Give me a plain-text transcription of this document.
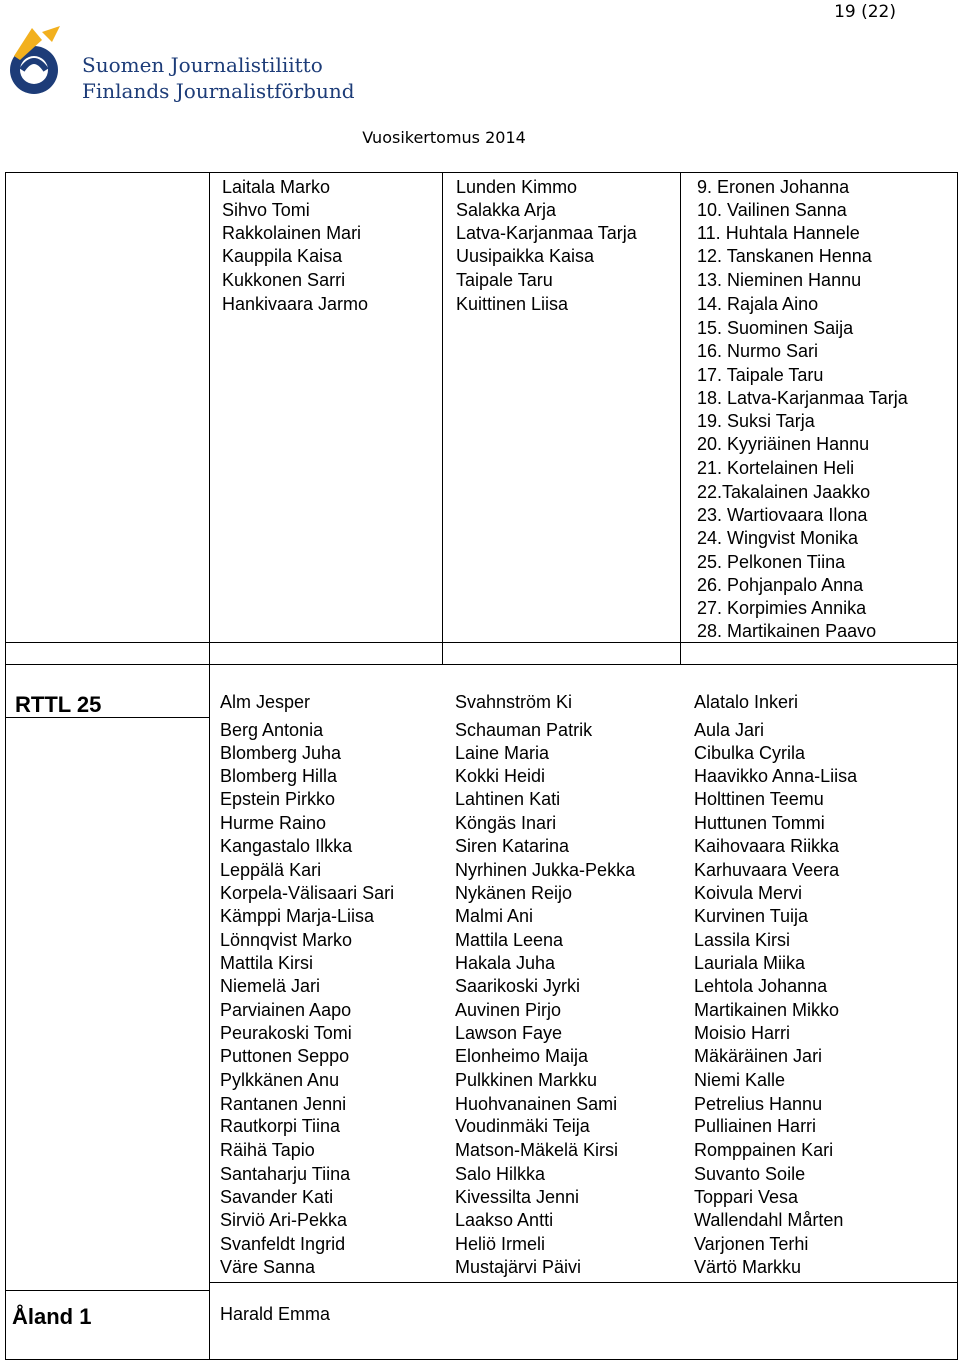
19 (22)
Suomen Journalistiliitto
Finlands Journalistförbund
Vuosikertomus 2014
Laitala Marko
Sihvo Tomi
Rakkolainen Mari
Kauppila Kaisa
Kukkonen Sarri
Hankivaara Jarmo
Lunden Kimmo
Salakka Arja
Latva-Karjanmaa Tarja
Uusipaikka Kaisa
Taipale Taru
Kuittinen Liisa
9. Eronen Johanna
10. Vailinen Sanna
11. Huhtala Hannele
12. Tanskanen Henna
13. Nieminen Hannu
14. Rajala Aino
15. Suominen Saija
16. Nurmo Sari
17. Taipale Taru
18. Latva-Karjanmaa Tarja
19. Suksi Tarja
20. Kyyriäinen Hannu
21. Kortelainen Heli
22.Takalainen Jaakko
23. Wartiovaara Ilona
24. Wingvist Monika
25. Pelkonen Tiina
26. Pohjanpalo Anna
27. Korpimies Annika
28. Martikainen Paavo
RTTL 25	Alm Jesper
Berg Antonia
Blomberg Juha
Blomberg Hilla
Epstein Pirkko
Hurme Raino
Kangastalo Ilkka
Leppälä Kari
Korpela-Välisaari Sari
Kämppi Marja-Liisa
Lönnqvist Marko
Mattila Kirsi
Niemelä Jari
Parviainen Aapo
Peurakoski Tomi
Puttonen Seppo
Pylkkänen Anu
Rantanen Jenni
Rautkorpi Tiina
Räihä Tapio
Santaharju Tiina
Savander Kati
Sirviö Ari-Pekka
Svanfeldt Ingrid
Väre Sanna
Svahnström Ki
Schauman Patrik
Laine Maria
Kokki Heidi
Lahtinen Kati
Köngäs Inari
Siren Katarina
Nyrhinen Jukka-Pekka
Nykänen Reijo
Malmi Ani
Mattila Leena
Hakala Juha
Saarikoski Jyrki
Auvinen Pirjo
Lawson Faye
Elonheimo Maija
Pulkkinen Markku
Huohvanainen Sami
Voudinmäki Teija
Matson-Mäkelä Kirsi
Salo Hilkka
Kivessilta Jenni
Laakso Antti
Heliö Irmeli
Mustajärvi Päivi
Alatalo Inkeri
Aula Jari
Cibulka Cyrila
Haavikko Anna-Liisa
Holttinen Teemu
Huttunen Tommi
Kaihovaara Riikka
Karhuvaara Veera
Koivula Mervi
Kurvinen Tuija
Lassila Kirsi
Lauriala Miika
Lehtola Johanna
Martikainen Mikko
Moisio Harri
Mäkäräinen Jari
Niemi Kalle
Petrelius Hannu
Pulliainen Harri
Romppainen Kari
Suvanto Soile
Toppari Vesa
Wallendahl Mårten
Varjonen Terhi
Värtö Markku
Åland 1	Harald Emma
